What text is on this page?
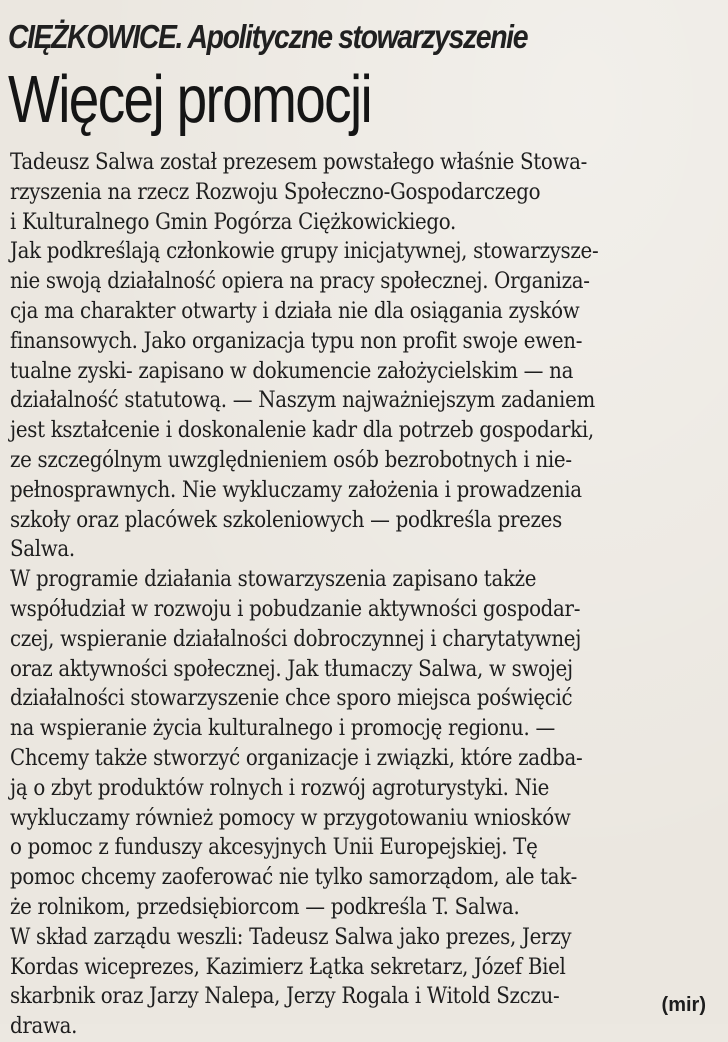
CIĘŻKOWICE. Apolityczne stowarzyszenie
Więcej promocji
Tadeusz Salwa został prezesem powstałego właśnie Stowa-
rzyszenia na rzecz Rozwoju Społeczno-Gospodarczego
i Kulturalnego Gmin Pogórza Ciężkowickiego.
Jak podkreślają członkowie grupy inicjatywnej, stowarzysze-
nie swoją działalność opiera na pracy społecznej. Organiza-
cja ma charakter otwarty i działa nie dla osiągania zysków
finansowych. Jako organizacja typu non profit swoje ewen-
tualne zyski- zapisano w dokumencie założycielskim — na
działalność statutową. — Naszym najważniejszym zadaniem
jest kształcenie i doskonalenie kadr dla potrzeb gospodarki,
ze szczególnym uwzględnieniem osób bezrobotnych i nie-
pełnosprawnych. Nie wykluczamy założenia i prowadzenia
szkoły oraz placówek szkoleniowych — podkreśla prezes
Salwa.
W programie działania stowarzyszenia zapisano także
współudział w rozwoju i pobudzanie aktywności gospodar-
czej, wspieranie działalności dobroczynnej i charytatywnej
oraz aktywności społecznej. Jak tłumaczy Salwa, w swojej
działalności stowarzyszenie chce sporo miejsca poświęcić
na wspieranie życia kulturalnego i promocję regionu. —
Chcemy także stworzyć organizacje i związki, które zadba-
ją o zbyt produktów rolnych i rozwój agroturystyki. Nie
wykluczamy również pomocy w przygotowaniu wniosków
o pomoc z funduszy akcesyjnych Unii Europejskiej. Tę
pomoc chcemy zaoferować nie tylko samorządom, ale tak-
że rolnikom, przedsiębiorcom — podkreśla T. Salwa.
W skład zarządu weszli: Tadeusz Salwa jako prezes, Jerzy
Kordas wiceprezes, Kazimierz Łątka sekretarz, Józef Biel
skarbnik oraz Jarzy Nalepa, Jerzy Rogala i Witold Szczu-
drawa.
(mir)
